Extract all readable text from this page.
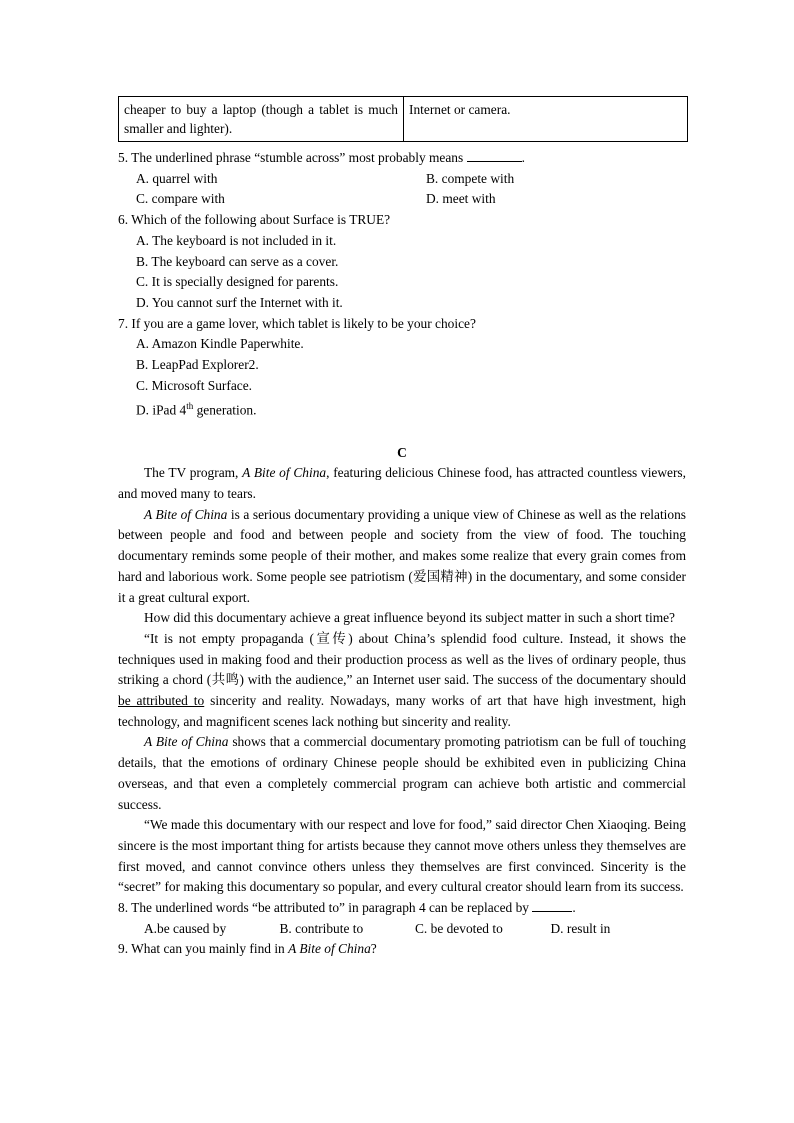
cheaper to buy a laptop (though a tablet is much smaller and lighter).	Internet or camera.
5. The underlined phrase “stumble across” most probably means	.
A. quarrel with	B. compete with
C. compare with	D. meet with
6. Which of the following about Surface is TRUE?
A. The keyboard is not included in it.
B. The keyboard can serve as a cover.
C. It is specially designed for parents.
D. You cannot surf the Internet with it.
7. If you are a game lover, which tablet is likely to be your choice?
A. Amazon Kindle Paperwhite.
B. LeapPad Explorer2.
C. Microsoft Surface.
D. iPad 4th generation.
C

The TV program, A Bite of China, featuring delicious Chinese food, has attracted countless viewers, and moved many to tears.

A Bite of China is a serious documentary providing a unique view of Chinese as well as the relations between people and food and between people and society from the view of food. The touching documentary reminds some people of their mother, and makes some realize that every grain comes from hard and laborious work. Some people see patriotism (爱国精神) in the documentary, and some consider it a great cultural export.

How did this documentary achieve a great influence beyond its subject matter in such a short time?

“It is not empty propaganda (宣传) about China’s splendid food culture. Instead, it shows the techniques used in making food and their production process as well as the lives of ordinary people, thus striking a chord (共鸣) with the audience,” an Internet user said. The success of the documentary should be attributed to sincerity and reality. Nowadays, many works of art that have high investment, high technology, and magnificent scenes lack nothing but sincerity and reality.

A Bite of China shows that a commercial documentary promoting patriotism can be full of touching details, that the emotions of ordinary Chinese people should be exhibited even in publicizing China overseas, and that even a completely commercial program can achieve both artistic and commercial success.

“We made this documentary with our respect and love for food,” said director Chen Xiaoqing. Being sincere is the most important thing for artists because they cannot move others unless they themselves are first moved, and cannot convince others unless they themselves are first convinced. Sincerity is the “secret” for making this documentary so popular, and every cultural creator should learn from its success.

8. The underlined words “be attributed to” in paragraph 4 can be replaced by	.
A.be caused by	B. contribute to	C. be devoted to	D. result in
9. What can you mainly find in A Bite of China?
